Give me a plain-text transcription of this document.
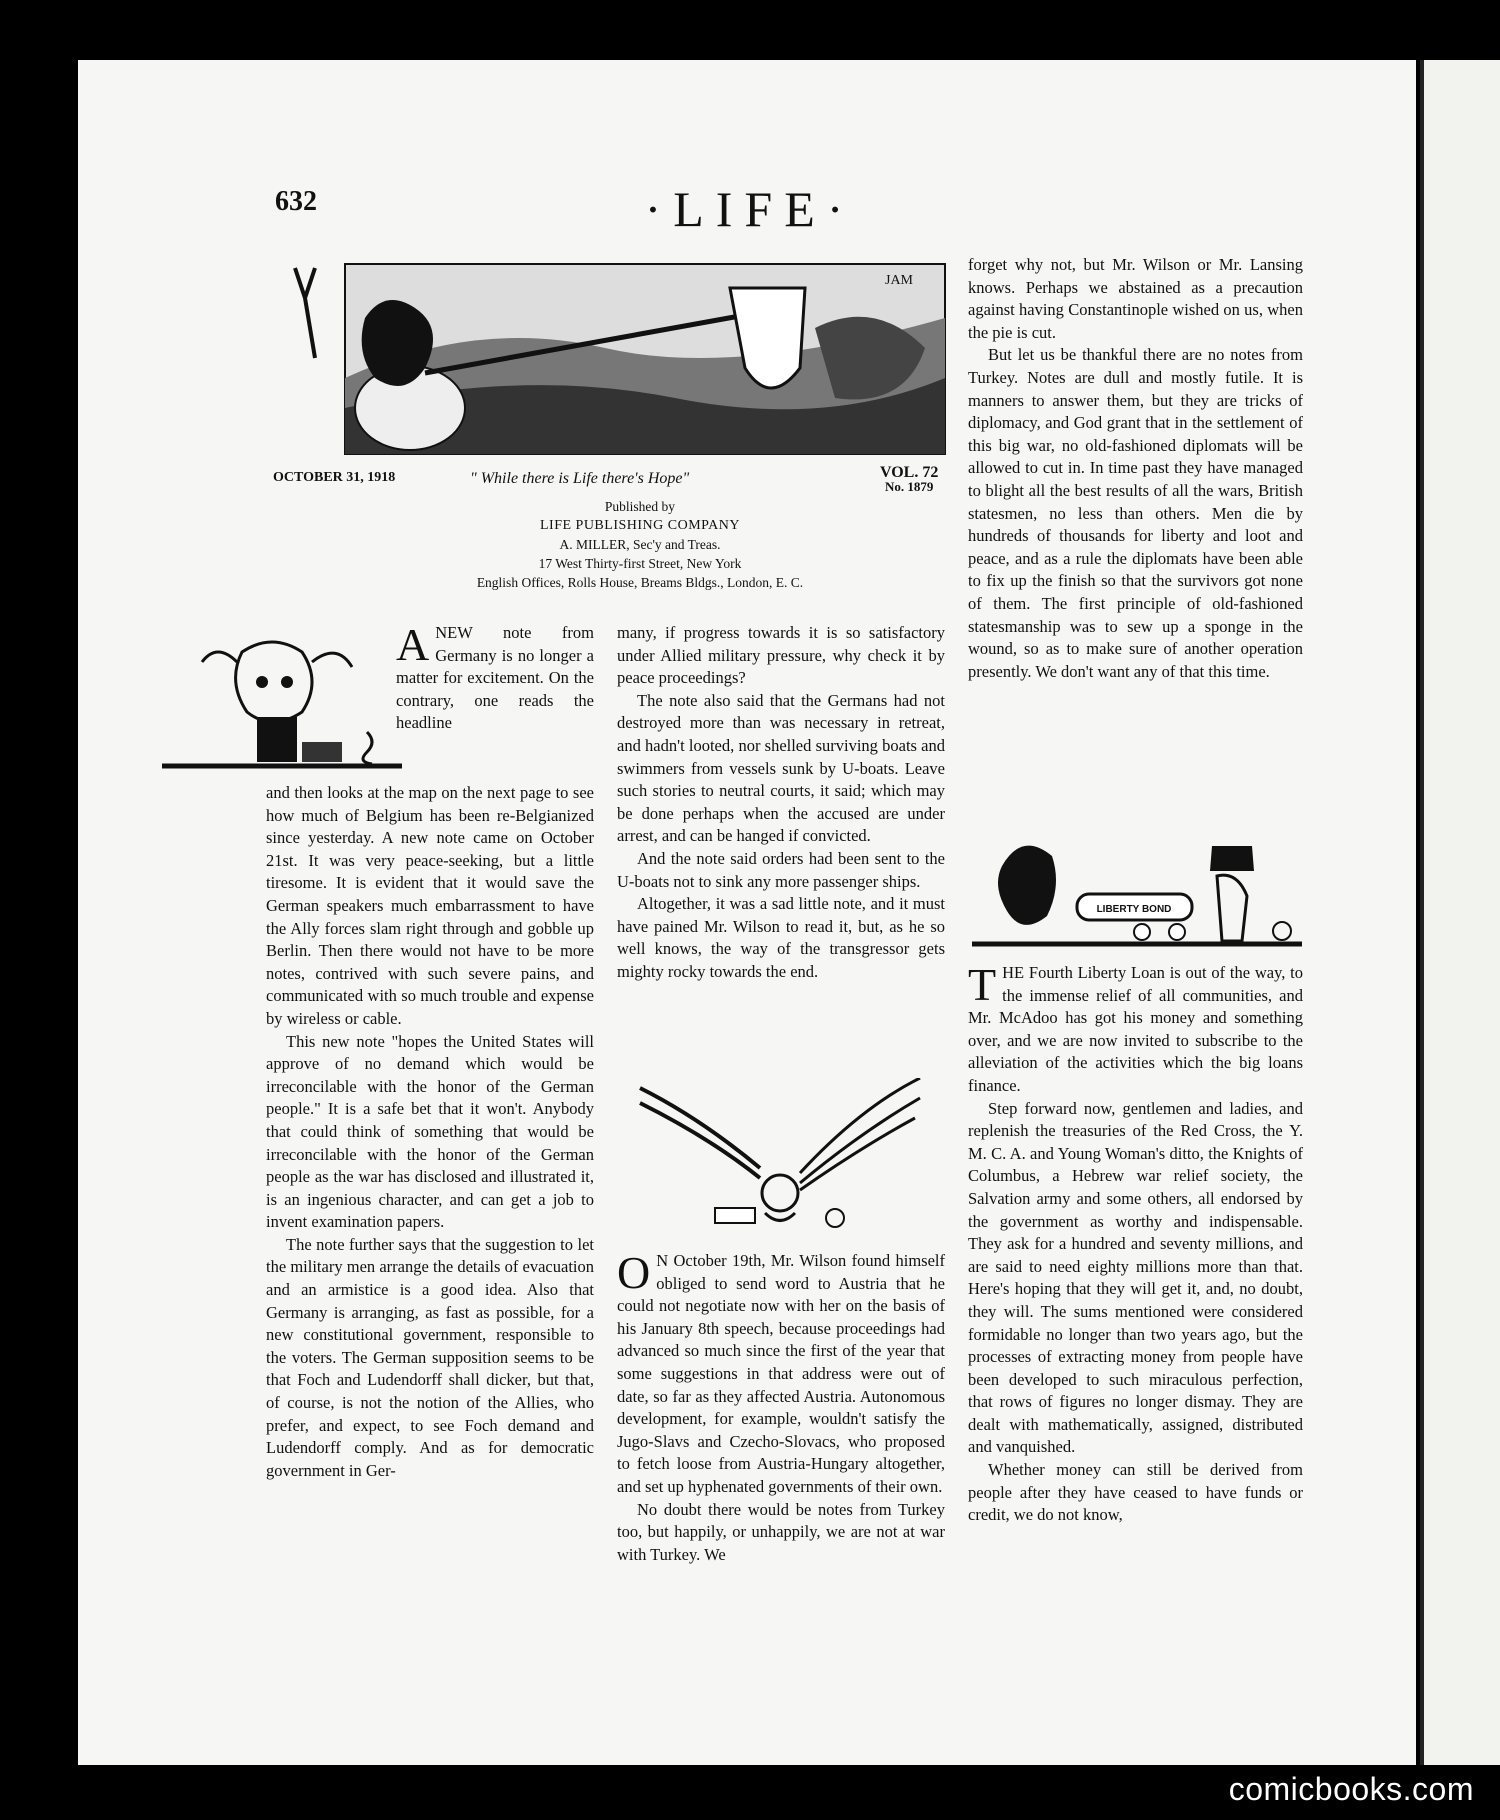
632	·LIFE·
JAM
OCTOBER 31, 1918	" While there is Life there's Hope"	VOL. 72
No. 1879
Published by
LIFE PUBLISHING COMPANY
A. MILLER, Sec'y and Treas.
17 West Thirty-first Street, New York
English Offices, Rolls House, Breams Bldgs., London, E. C.

ANEW note from Germany is no longer a matter for excitement. On the contrary, one reads the headline

and then looks at the map on the next page to see how much of Belgium has been re-Belgianized since yesterday. A new note came on October 21st. It was very peace-seeking, but a little tiresome. It is evident that it would save the German speakers much embarrassment to have the Ally forces slam right through and gobble up Berlin. Then there would not have to be more notes, contrived with such severe pains, and communicated with so much trouble and expense by wireless or cable.

This new note "hopes the United States will approve of no demand which would be irreconcilable with the honor of the German people." It is a safe bet that it won't. Anybody that could think of something that would be irreconcilable with the honor of the German people as the war has disclosed and illustrated it, is an ingenious character, and can get a job to invent examination papers.

The note further says that the suggestion to let the military men arrange the details of evacuation and an armistice is a good idea. Also that Germany is arranging, as fast as possible, for a new constitutional government, responsible to the voters. The German supposition seems to be that Foch and Ludendorff shall dicker, but that, of course, is not the notion of the Allies, who prefer, and expect, to see Foch demand and Ludendorff comply. And as for democratic government in Ger-

many, if progress towards it is so satisfactory under Allied military pressure, why check it by peace proceedings?

The note also said that the Germans had not destroyed more than was necessary in retreat, and hadn't looted, nor shelled surviving boats and swimmers from vessels sunk by U-boats. Leave such stories to neutral courts, it said; which may be done perhaps when the accused are under arrest, and can be hanged if convicted.

And the note said orders had been sent to the U-boats not to sink any more passenger ships.

Altogether, it was a sad little note, and it must have pained Mr. Wilson to read it, but, as he so well knows, the way of the transgressor gets mighty rocky towards the end.

O N October 19th, Mr. Wilson found himself obliged to send word to Austria that he could not negotiate now with her on the basis of his January 8th speech, because proceedings had advanced so much since the first of the year that some suggestions in that address were out of date, so far as they affected Austria. Autonomous development, for example, wouldn't satisfy the Jugo-Slavs and Czecho-Slovacs, who proposed to fetch loose from Austria-Hungary altogether, and set up hyphenated governments of their own.

No doubt there would be notes from Turkey too, but happily, or unhappily, we are not at war with Turkey. We

forget why not, but Mr. Wilson or Mr. Lansing knows. Perhaps we abstained as a precaution against having Constantinople wished on us, when the pie is cut.

But let us be thankful there are no notes from Turkey. Notes are dull and mostly futile. It is manners to answer them, but they are tricks of diplomacy, and God grant that in the settlement of this big war, no old-fashioned diplomats will be allowed to cut in. In time past they have managed to blight all the best results of all the wars, British statesmen, no less than others. Men die by hundreds of thousands for liberty and loot and peace, and as a rule the diplomats have been able to fix up the finish so that the survivors got none of them. The first principle of old-fashioned statesmanship was to sew up a sponge in the wound, so as to make sure of another operation presently. We don't want any of that this time.

LIBERTY BOND

THE Fourth Liberty Loan is out of the way, to the immense relief of all communities, and Mr. McAdoo has got his money and something over, and we are now invited to subscribe to the alleviation of the activities which the big loans finance.

Step forward now, gentlemen and ladies, and replenish the treasuries of the Red Cross, the Y. M. C. A. and Young Woman's ditto, the Knights of Columbus, a Hebrew war relief society, the Salvation army and some others, all endorsed by the government as worthy and indispensable. They ask for a hundred and seventy millions, and are said to need eighty millions more than that. Here's hoping that they will get it, and, no doubt, they will. The sums mentioned were considered formidable no longer than two years ago, but the processes of extracting money from people have been developed to such miraculous perfection, that rows of figures no longer dismay. They are dealt with mathematically, assigned, distributed and vanquished.

Whether money can still be derived from people after they have ceased to have funds or credit, we do not know,

comicbooks.com
